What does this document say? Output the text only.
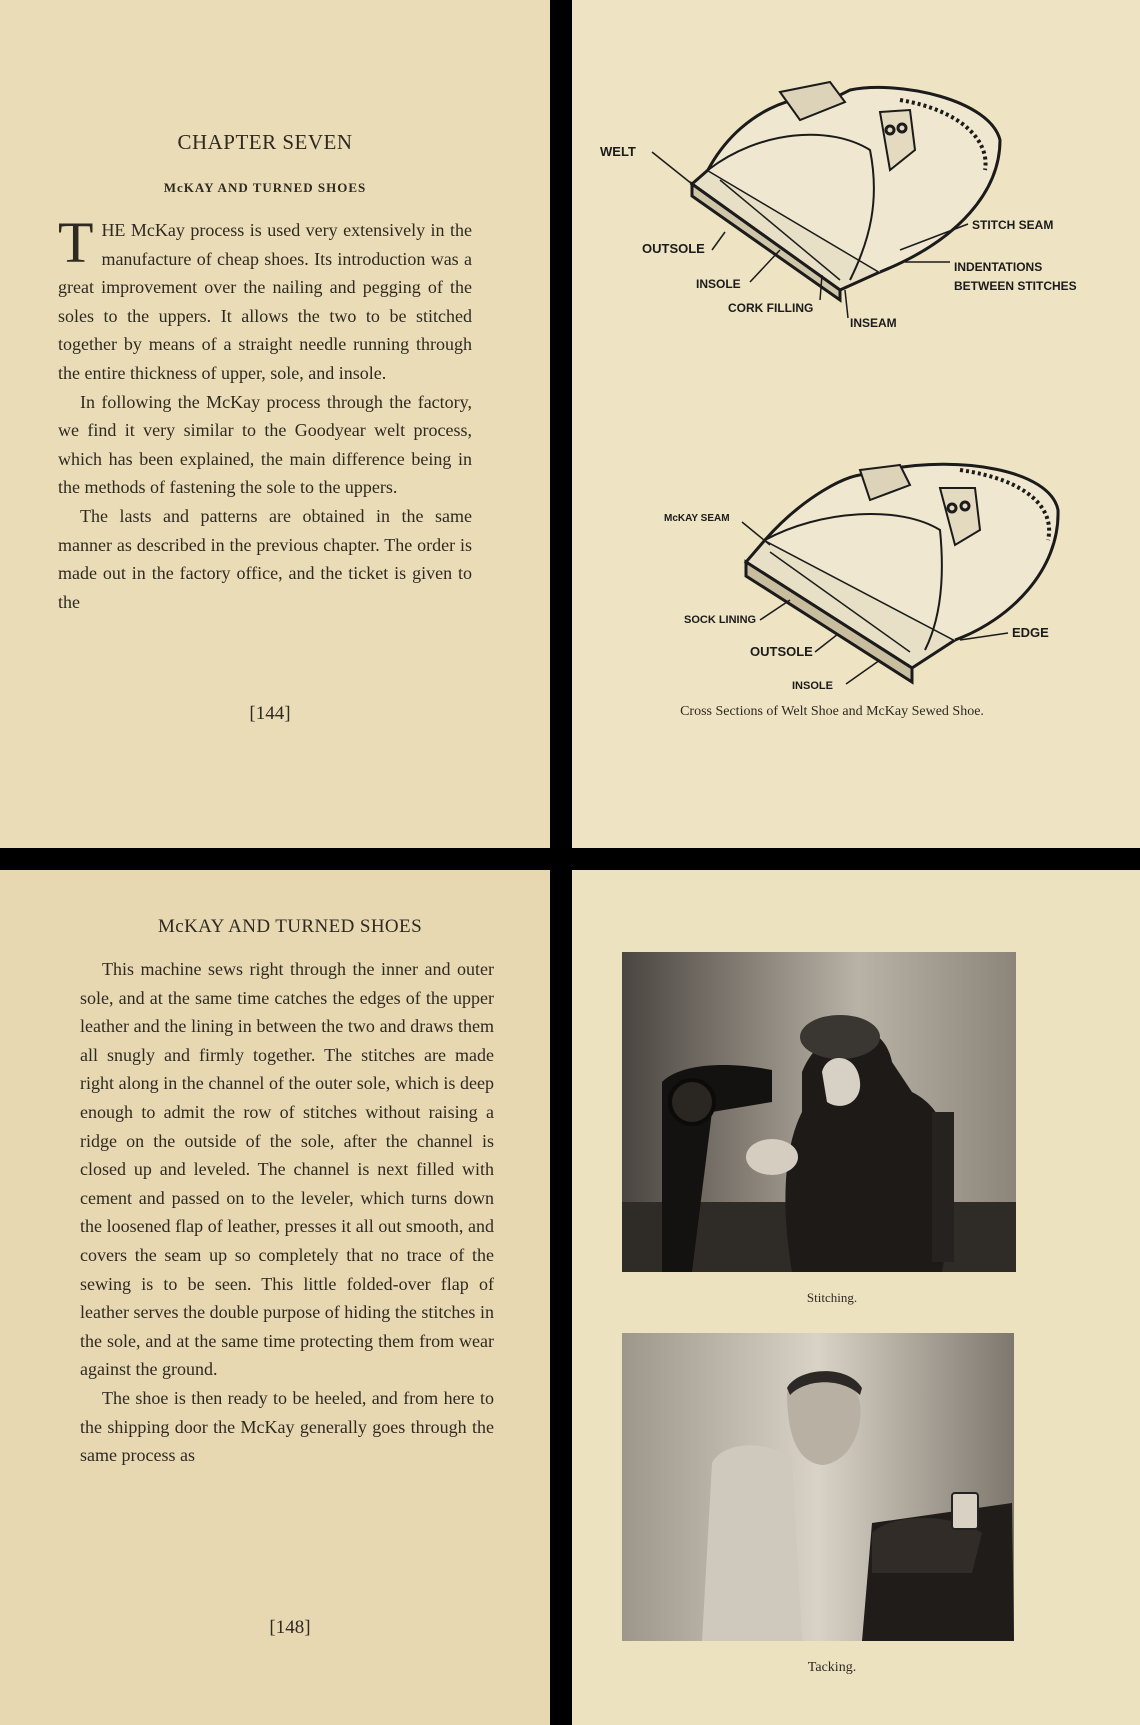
CHAPTER SEVEN
McKAY AND TURNED SHOES

THE McKay process is used very extensively in the manufacture of cheap shoes. Its introduction was a great improvement over the nailing and pegging of the soles to the uppers. It allows the two to be stitched together by means of a straight needle running through the entire thickness of upper, sole, and insole.

In following the McKay process through the factory, we find it very similar to the Goodyear welt process, which has been explained, the main difference being in the methods of fastening the sole to the uppers.

The lasts and patterns are obtained in the same manner as described in the previous chapter. The order is made out in the factory office, and the ticket is given to the

[144]
WELT
OUTSOLE
INSOLE
CORK FILLING
INSEAM
STITCH SEAM
INDENTATIONS
BETWEEN STITCHES
McKAY SEAM
SOCK LINING
OUTSOLE
INSOLE
EDGE
Cross Sections of Welt Shoe and McKay Sewed Shoe.
McKAY AND TURNED SHOES

This machine sews right through the inner and outer sole, and at the same time catches the edges of the upper leather and the lining in between the two and draws them all snugly and firmly together. The stitches are made right along in the channel of the outer sole, which is deep enough to admit the row of stitches without raising a ridge on the outside of the sole, after the channel is closed up and leveled. The channel is next filled with cement and passed on to the leveler, which turns down the loosened flap of leather, presses it all out smooth, and covers the seam up so completely that no trace of the sewing is to be seen. This little folded-over flap of leather serves the double purpose of hiding the stitches in the sole, and at the same time protecting them from wear against the ground.

The shoe is then ready to be heeled, and from here to the shipping door the McKay generally goes through the same process as

[148]
Stitching.
Tacking.
